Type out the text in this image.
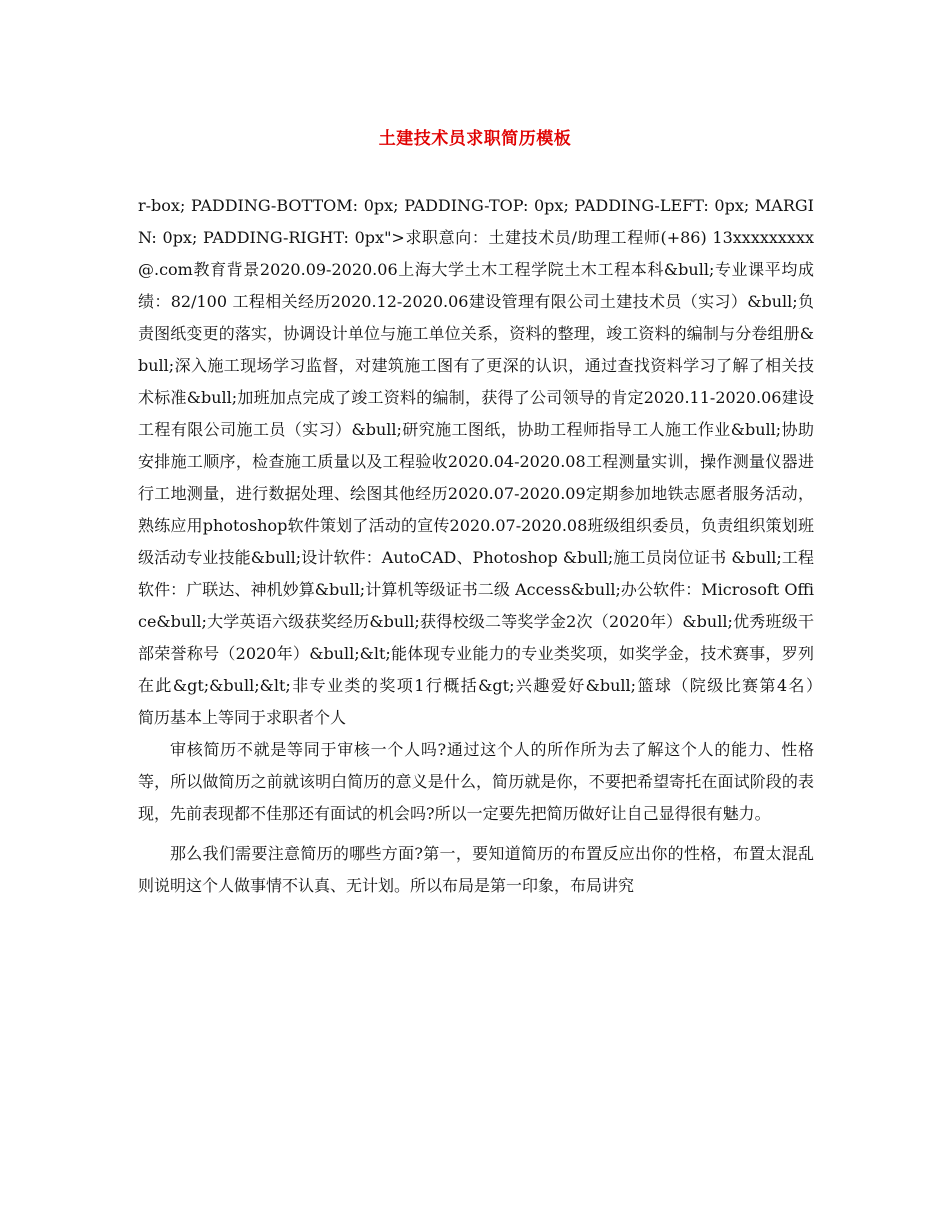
土建技术员求职简历模板

r-box; PADDING-BOTTOM: 0px; PADDING-TOP: 0px; PADDING-LEFT: 0px; MARGIN: 0px; PADDING-RIGHT: 0px">求职意向：土建技术员/助理工程师(+86) 13xxxxxxxxx@.com教育背景2020.09-2020.06上海大学土木工程学院土木工程本科&bull;专业课平均成绩：82/100 工程相关经历2020.12-2020.06建设管理有限公司土建技术员（实习）&bull;负责图纸变更的落实，协调设计单位与施工单位关系，资料的整理，竣工资料的编制与分卷组册&bull;深入施工现场学习监督，对建筑施工图有了更深的认识，通过查找资料学习了解了相关技术标准&bull;加班加点完成了竣工资料的编制，获得了公司领导的肯定2020.11-2020.06建设工程有限公司施工员（实习）&bull;研究施工图纸，协助工程师指导工人施工作业&bull;协助安排施工顺序，检查施工质量以及工程验收2020.04-2020.08工程测量实训，操作测量仪器进行工地测量，进行数据处理、绘图其他经历2020.07-2020.09定期参加地铁志愿者服务活动，熟练应用photoshop软件策划了活动的宣传2020.07-2020.08班级组织委员，负责组织策划班级活动专业技能&bull;设计软件：AutoCAD、Photoshop &bull;施工员岗位证书 &bull;工程软件：广联达、神机妙算&bull;计算机等级证书二级 Access&bull;办公软件：Microsoft Office&bull;大学英语六级获奖经历&bull;获得校级二等奖学金2次（2020年）&bull;优秀班级干部荣誉称号（2020年）&bull;&lt;能体现专业能力的专业类奖项，如奖学金，技术赛事，罗列在此&gt;&bull;&lt;非专业类的奖项1行概括&gt;兴趣爱好&bull;篮球（院级比赛第4名）　　简历基本上等同于求职者个人

审核简历不就是等同于审核一个人吗?通过这个人的所作所为去了解这个人的能力、性格等，所以做简历之前就该明白简历的意义是什么，简历就是你，不要把希望寄托在面试阶段的表现，先前表现都不佳那还有面试的机会吗?所以一定要先把简历做好让自己显得很有魅力。

那么我们需要注意简历的哪些方面?第一，要知道简历的布置反应出你的性格，布置太混乱则说明这个人做事情不认真、无计划。所以布局是第一印象，布局讲究
